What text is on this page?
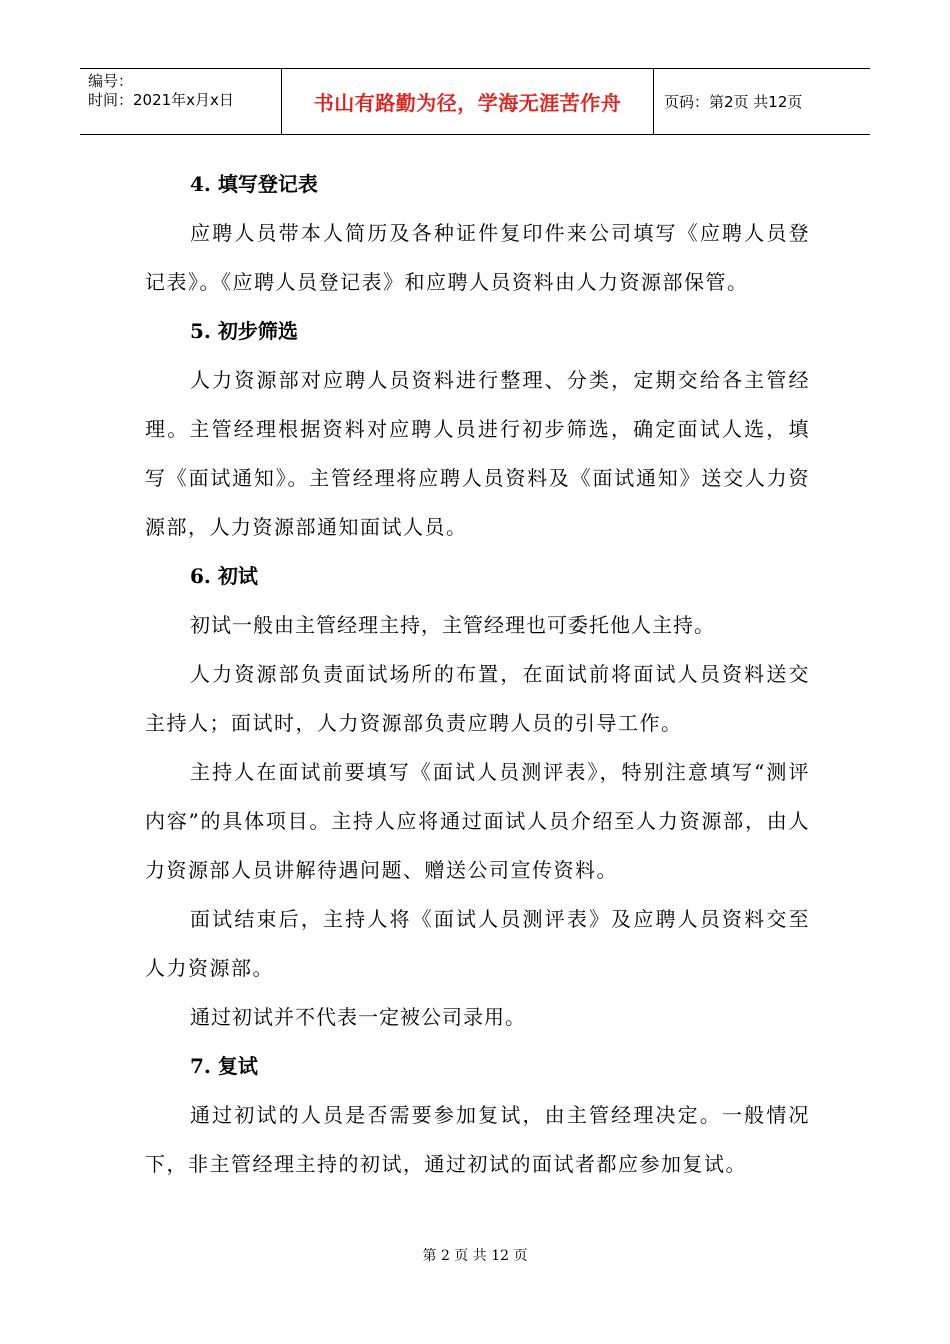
编号：
时间：2021年x月x日	书山有路勤为径，学海无涯苦作舟	页码：第2页 共12页
4. 填写登记表
应聘人员带本人简历及各种证件复印件来公司填写《应聘人员登记表》。《应聘人员登记表》和应聘人员资料由人力资源部保管。
5. 初步筛选
人力资源部对应聘人员资料进行整理、分类，定期交给各主管经理。主管经理根据资料对应聘人员进行初步筛选，确定面试人选，填写《面试通知》。主管经理将应聘人员资料及《面试通知》送交人力资源部，人力资源部通知面试人员。
6. 初试
初试一般由主管经理主持，主管经理也可委托他人主持。
人力资源部负责面试场所的布置，在面试前将面试人员资料送交主持人；面试时，人力资源部负责应聘人员的引导工作。
主持人在面试前要填写《面试人员测评表》，特别注意填写“测评内容”的具体项目。主持人应将通过面试人员介绍至人力资源部，由人力资源部人员讲解待遇问题、赠送公司宣传资料。
面试结束后，主持人将《面试人员测评表》及应聘人员资料交至人力资源部。
通过初试并不代表一定被公司录用。
7. 复试
通过初试的人员是否需要参加复试，由主管经理决定。一般情况下，非主管经理主持的初试，通过初试的面试者都应参加复试。
第 2 页 共 12 页
